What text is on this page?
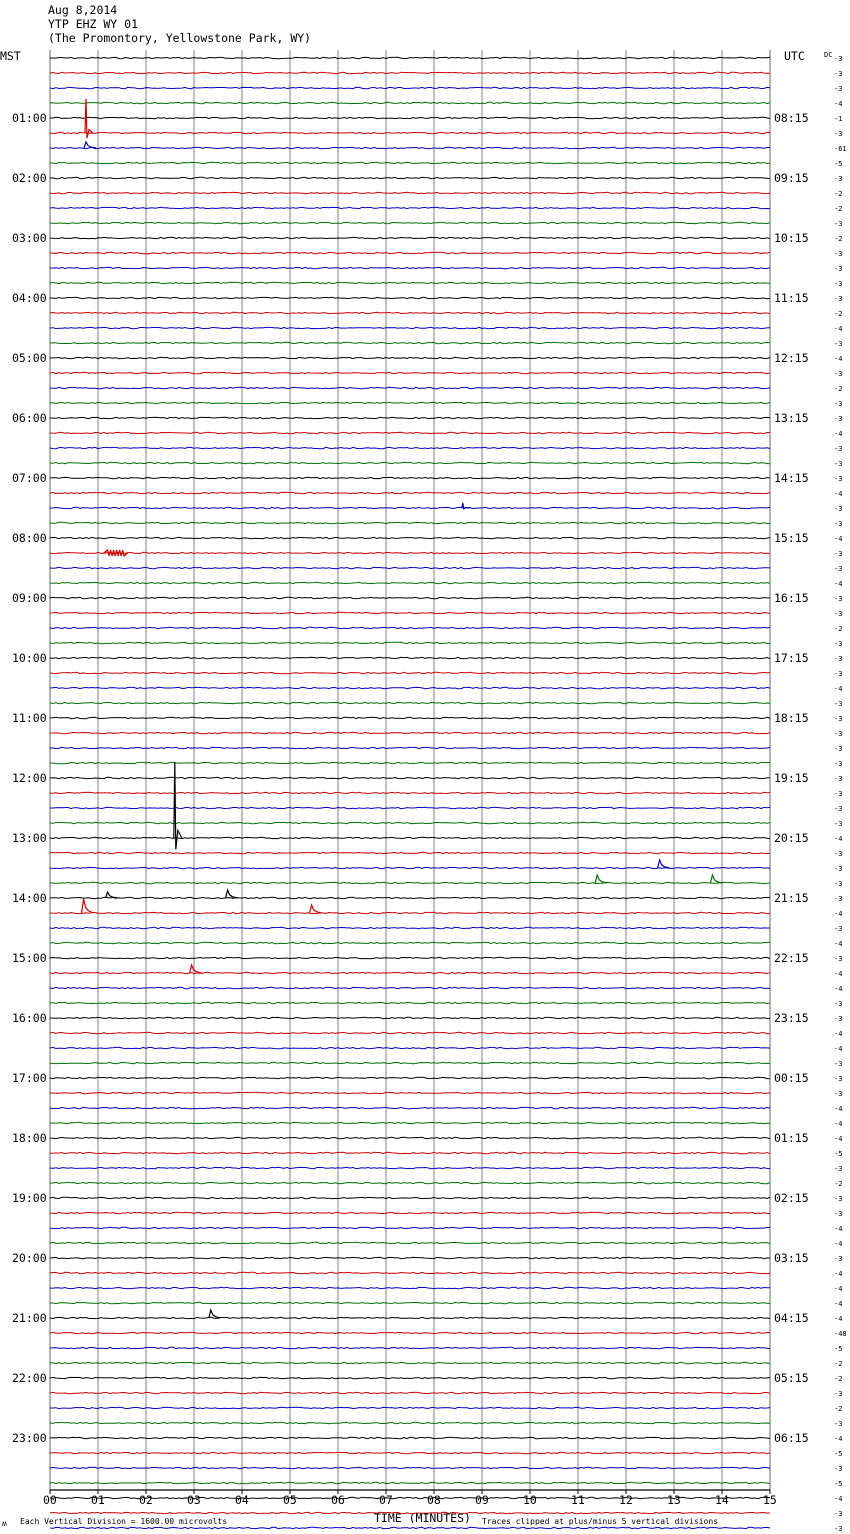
Aug 8,2014
YTP EHZ WY 01
(The Promontory, Yellowstone Park, WY)
01:00	08:15
02:00	09:15
03:00	10:15
04:00	11:15
05:00	12:15
06:00	13:15
07:00	14:15
08:00	15:15
09:00	16:15
10:00	17:15
11:00	18:15
12:00	19:15
13:00	20:15
14:00	21:15
15:00	22:15
16:00	23:15
17:00	00:15
18:00	01:15
19:00	02:15
20:00	03:15
21:00	04:15
22:00	05:15
23:00	06:15
-3
-3
-3
-4
-1
-3
-61
-5
-3
-2
-2
-3
-2
-3
-3
-3
-3
-2
-4
-3
-4
-3
-2
-3
-3
-4
-3
-3
-3
-4
-3
-3
-4
-3
-3
-4
-3
-3
-2
-3
-3
-3
-4
-3
-3
-3
-3
-3
-3
-3
-3
-3
-4
-3
-3
-3
-3
-4
-3
-4
-3
-4
-4
-3
-3
-4
-4
-3
-3
-3
-4
-4
-4
-5
-3
-2
-3
-3
-4
-4
-3
-4
-4
-4
-4
-48
-5
-2
-2
-3
-2
-3
-4
-5
-3
-5
-4
-3
-3
00	01	02	03	04	05	06	07	08	09	10	11	12	13	14	15
MST	UTC	DC
TIME (MINUTES)
Each Vertical Division = 1600.00 microvolts	Traces clipped at plus/minus 5 vertical divisions
ʍ
